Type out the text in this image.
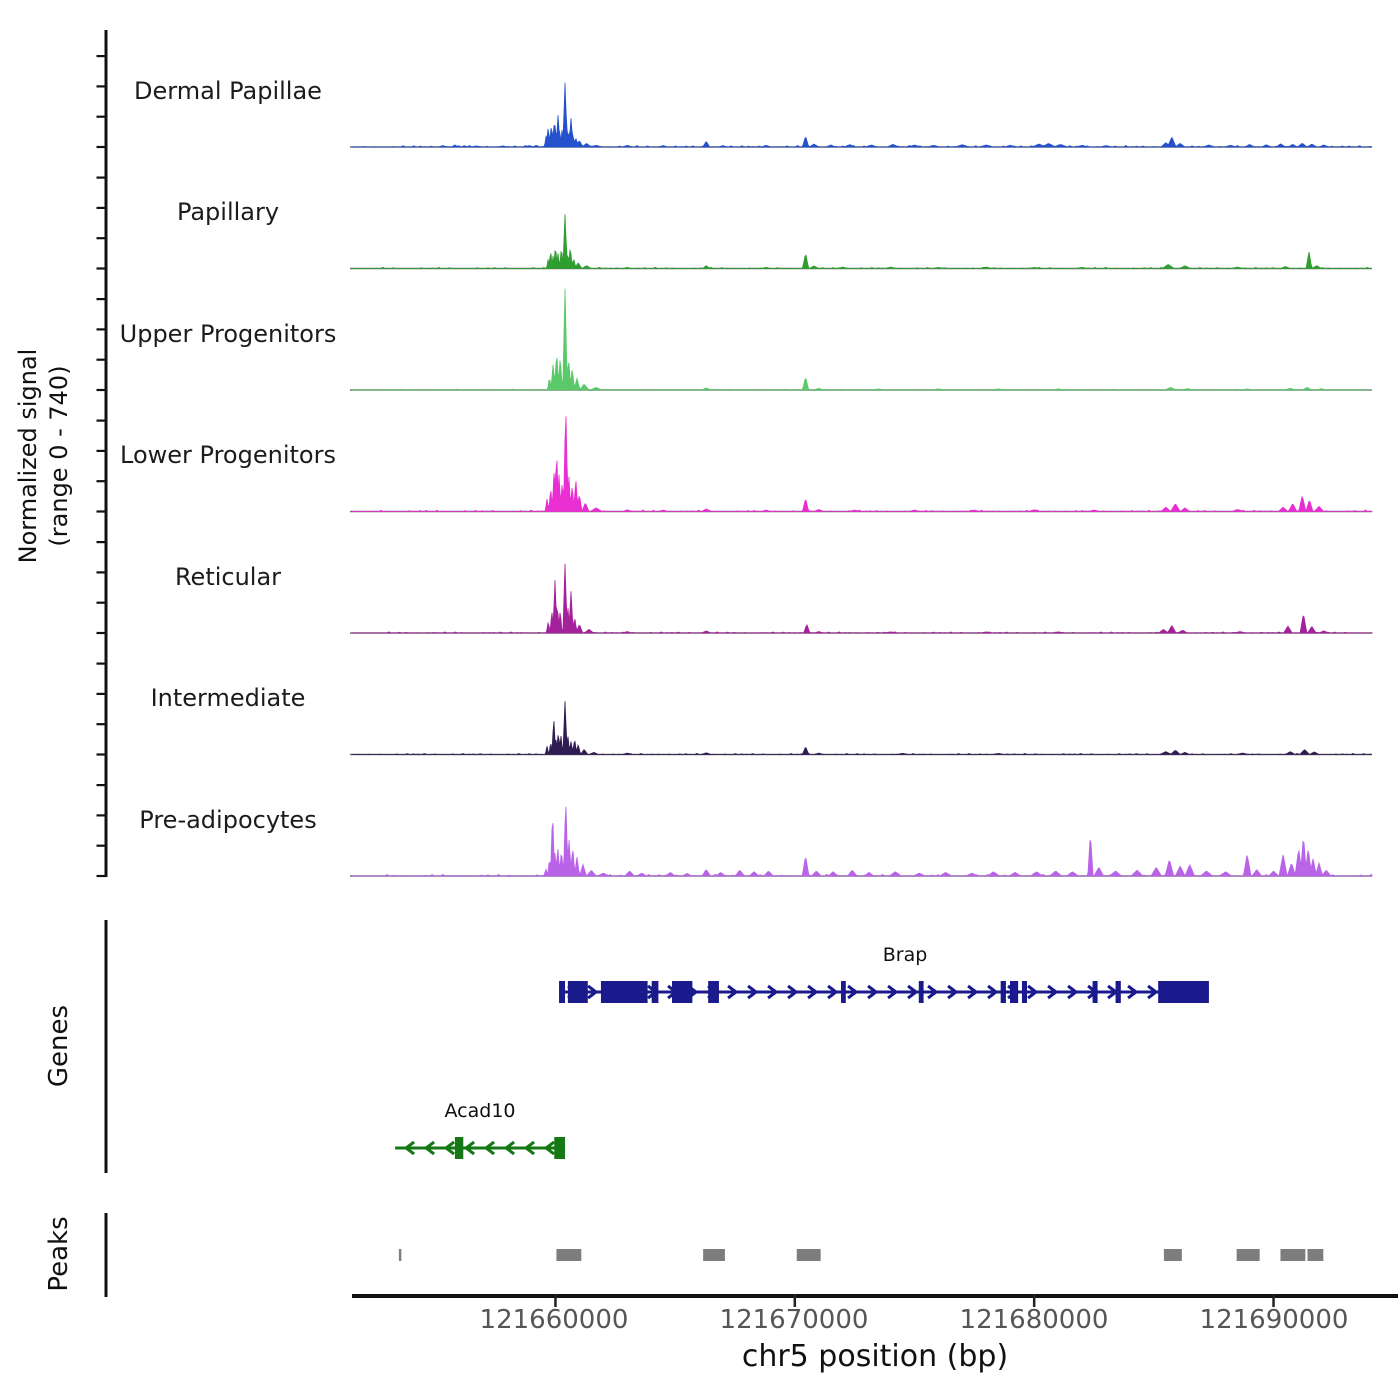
Normalized signal (range 0 - 740)
Dermal Papillae
Papillary
Upper Progenitors
Lower Progenitors
Reticular
Intermediate
Pre-adipocytes
Genes
Peaks
Brap
Acad10
121660000	121670000	121680000	121690000
chr5 position (bp)
